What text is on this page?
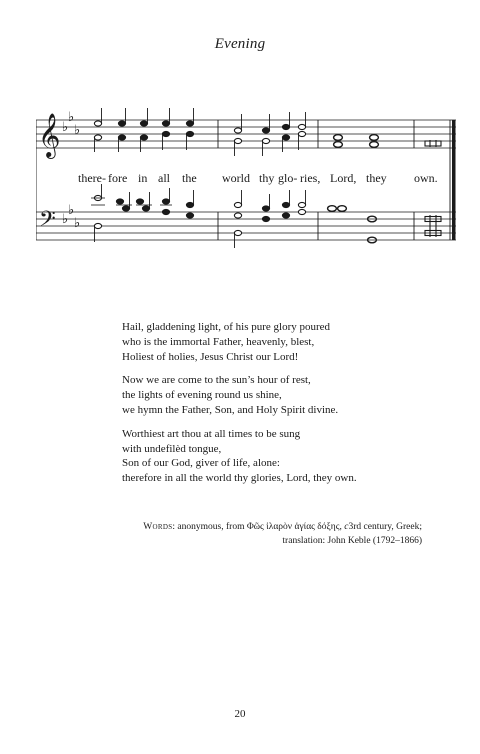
Evening
𝄞
𝄢
♭
♭
♭
♭
♭
♭
there- fore in all the world thy glo- ries, Lord, they own.

Hail, gladdening light, of his pure glory poured
who is the immortal Father, heavenly, blest,
Holiest of holies, Jesus Christ our Lord!

Now we are come to the sun’s hour of rest,
the lights of evening round us shine,
we hymn the Father, Son, and Holy Spirit divine.

Worthiest art thou at all times to be sung
with undefilèd tongue,
Son of our God, giver of life, alone:
therefore in all the world thy glories, Lord, they own.

Words: anonymous, from Φῶς ἱλαρὸν ἁγίας δόξης, c3rd century, Greek;
translation: John Keble (1792–1866)
20
